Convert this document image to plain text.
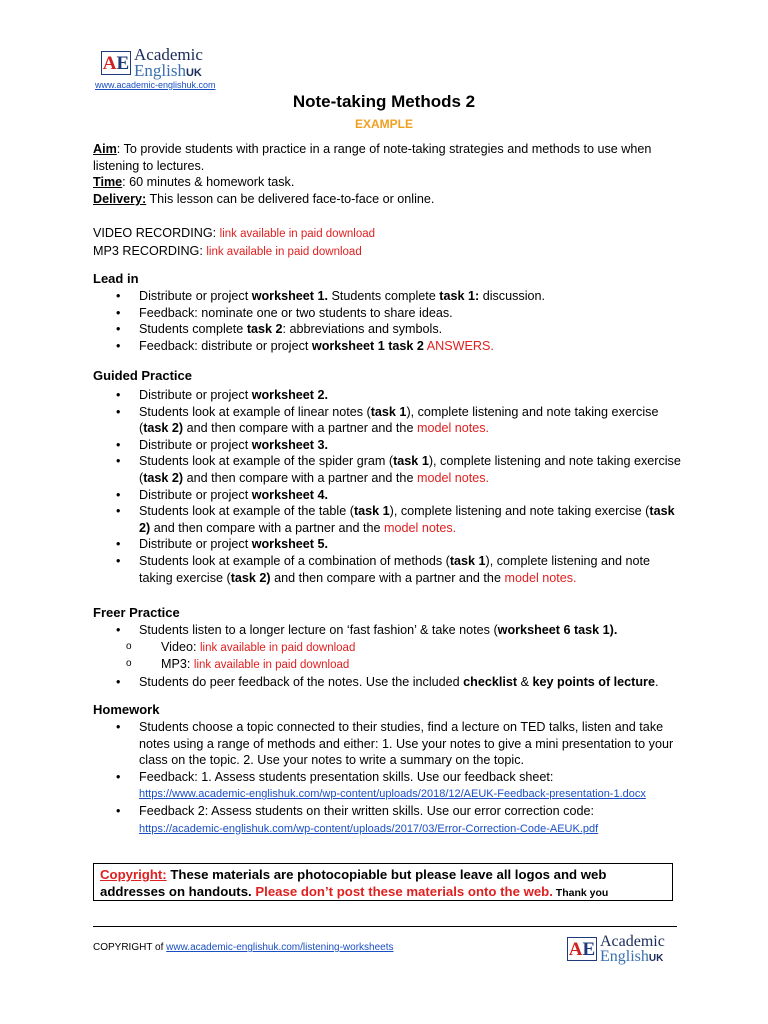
A E Academic
EnglishUK
www.academic-englishuk.com
Note-taking Methods 2
EXAMPLE
Aim: To provide students with practice in a range of note-taking strategies and methods to use when listening to lectures.
Time: 60 minutes & homework task.
Delivery: This lesson can be delivered face-to-face or online.
VIDEO RECORDING: link available in paid download
MP3 RECORDING: link available in paid download
Lead in
• Distribute or project worksheet 1. Students complete task 1: discussion.
• Feedback: nominate one or two students to share ideas.
• Students complete task 2: abbreviations and symbols.
• Feedback: distribute or project worksheet 1 task 2 ANSWERS.
Guided Practice
• Distribute or project worksheet 2.
• Students look at example of linear notes (task 1), complete listening and note taking exercise (task 2) and then compare with a partner and the model notes.
• Distribute or project worksheet 3.
• Students look at example of the spider gram (task 1), complete listening and note taking exercise (task 2) and then compare with a partner and the model notes.
• Distribute or project worksheet 4.
• Students look at example of the table (task 1), complete listening and note taking exercise (task 2) and then compare with a partner and the model notes.
• Distribute or project worksheet 5.
• Students look at example of a combination of methods (task 1), complete listening and note taking exercise (task 2) and then compare with a partner and the model notes.
Freer Practice
• Students listen to a longer lecture on ‘fast fashion’ & take notes (worksheet 6 task 1).
o Video: link available in paid download
o MP3: link available in paid download
• Students do peer feedback of the notes. Use the included checklist & key points of lecture.
Homework
• Students choose a topic connected to their studies, find a lecture on TED talks, listen and take notes using a range of methods and either: 1. Use your notes to give a mini presentation to your class on the topic. 2. Use your notes to write a summary on the topic.
• Feedback: 1. Assess students presentation skills. Use our feedback sheet:
https://www.academic-englishuk.com/wp-content/uploads/2018/12/AEUK-Feedback-presentation-1.docx
• Feedback 2: Assess students on their written skills. Use our error correction code:
https://academic-englishuk.com/wp-content/uploads/2017/03/Error-Correction-Code-AEUK.pdf
Copyright: These materials are photocopiable but please leave all logos and web addresses on handouts. Please don’t post these materials onto the web. Thank you
COPYRIGHT of www.academic-englishuk.com/listening-worksheets	A E Academic
EnglishUK
